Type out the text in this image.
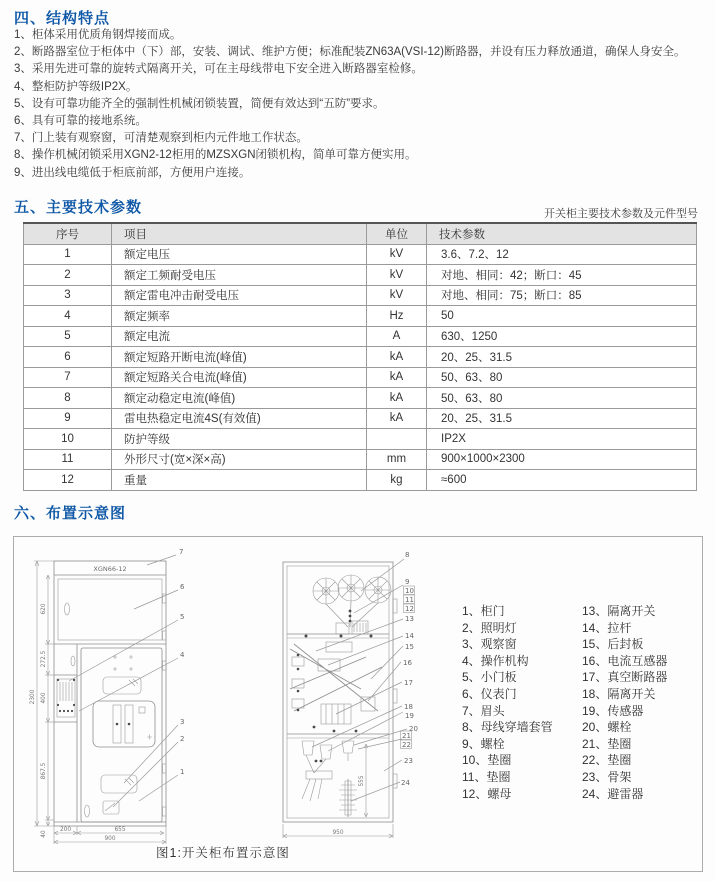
四、结构特点
1、柜体采用优质角钢焊接而成。
2、断路器室位于柜体中（下）部，安装、调试、维护方便；标准配装ZN63A(VSI-12)断路器，并设有压力释放通道，确保人身安全。
3、采用先进可靠的旋转式隔离开关，可在主母线带电下安全进入断路器室检修。
4、整柜防护等级IP2X。
5、设有可靠功能齐全的强制性机械闭锁装置，简便有效达到“五防”要求。
6、具有可靠的接地系统。
7、门上装有观察窗，可清楚观察到柜内元件地工作状态。
8、操作机械闭锁采用XGN2-12柜用的MZSXGN闭锁机构，简单可靠方便实用。
9、进出线电缆低于柜底前部，方便用户连接。
五、主要技术参数	开关柜主要技术参数及元件型号
序号	项目	单位	技术参数
1	额定电压	kV	3.6、7.2、12
2	额定工频耐受电压	kV	对地、相同：42；断口：45
3	额定雷电冲击耐受电压	kV	对地、相同：75；断口：85
4	额定频率	Hz	50
5	额定电流	A	630、1250
6	额定短路开断电流(峰值)	kA	20、25、31.5
7	额定短路关合电流(峰值)	kA	50、63、80
8	额定动稳定电流(峰值)	kA	50、63、80
9	雷电热稳定电流4S(有效值)	kA	20、25、31.5
10	防护等级		IP2X
11	外形尺寸(宽×深×高)	mm	900×1000×2300
12	重量	kg	≈600
六、布置示意图
XGN66-12
2300
620
272.5
400
867.5
40
200	655
900
7
6
5
4
3
2
1
555
950
8
9
10
11
12
13
14
15
16
17
18
19
20
21
22
23
24
1、柜门
2、照明灯
3、观察窗
4、操作机构
5、小门板
6、仪表门
7、眉头
8、母线穿墙套管
9、螺栓
10、垫圈
11、垫圈
12、螺母
13、隔离开关
14、拉杆
15、后封板
16、电流互感器
17、真空断路器
18、隔离开关
19、传感器
20、螺栓
21、垫圈
22、垫圈
23、骨架
24、避雷器
图1:开关柜布置示意图
